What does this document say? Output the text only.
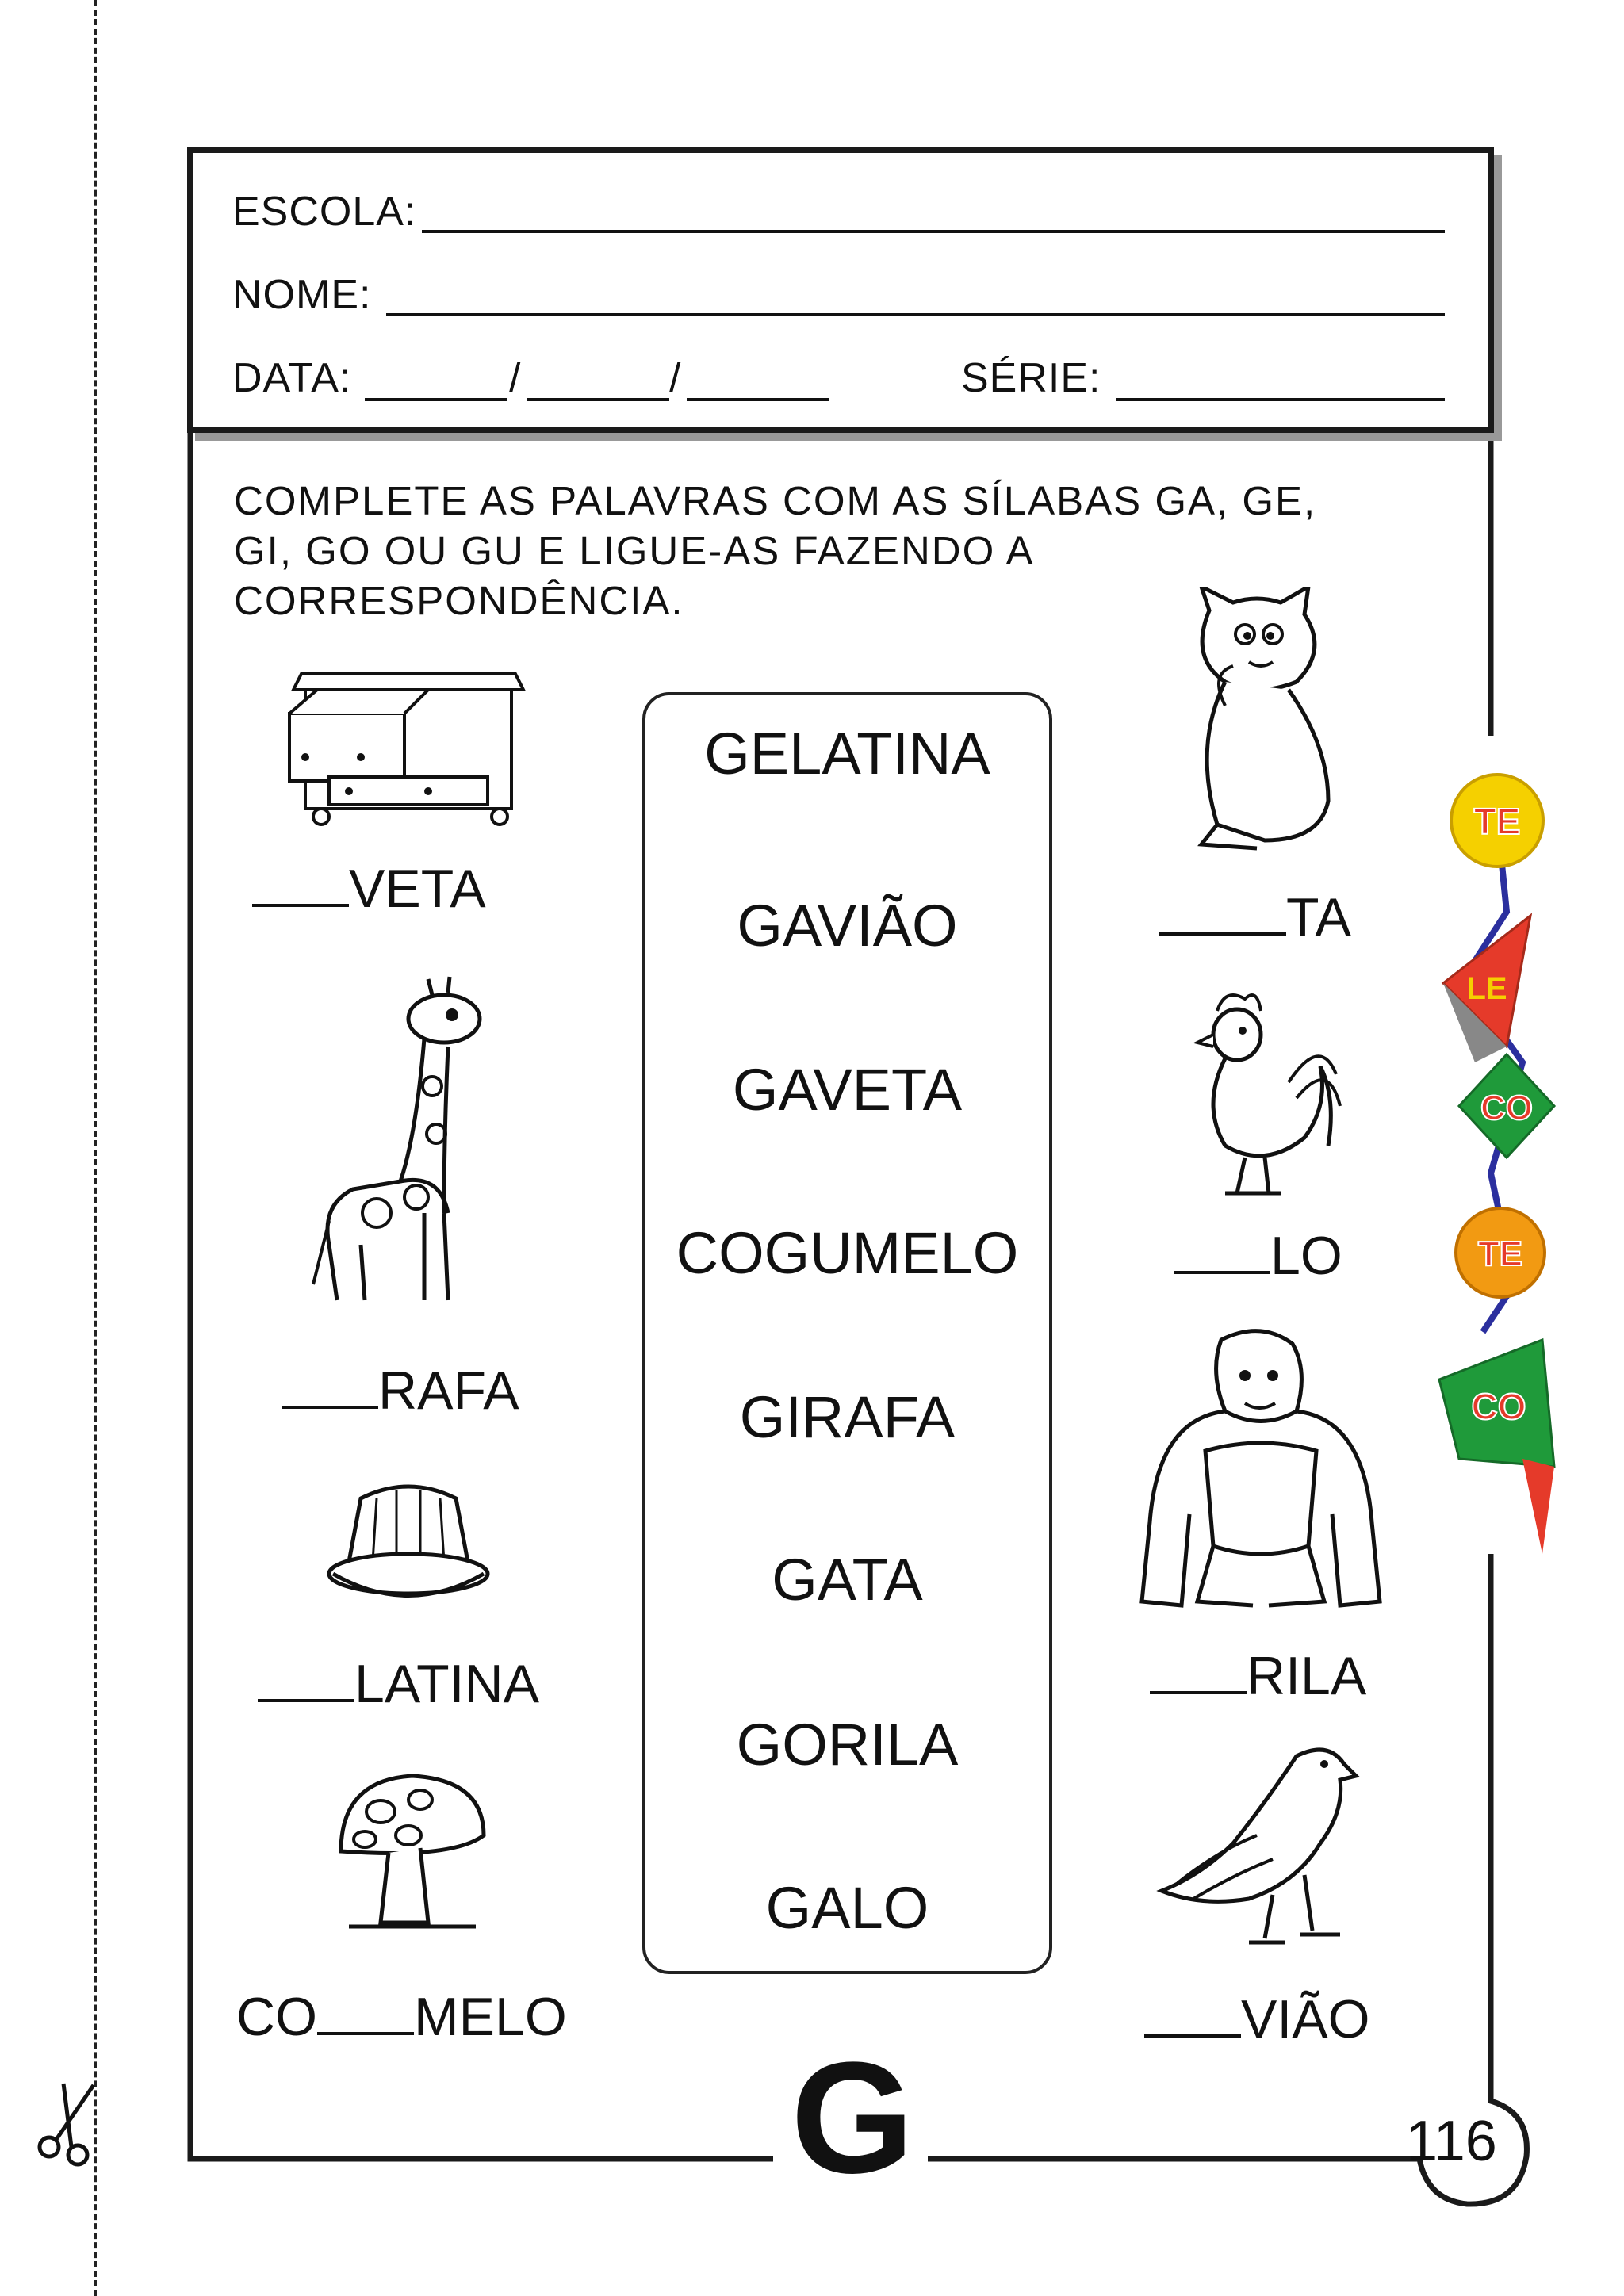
ESCOLA:
NOME:
DATA:	/	/	SÉRIE:
COMPLETE AS PALAVRAS COM AS SÍLABAS GA, GE, GI, GO OU GU E LIGUE-AS FAZENDO A CORRESPONDÊNCIA.
GELATINA
GAVIÃO
GAVETA
COGUMELO
GIRAFA
GATA
GORILA
GALO
VETA
RAFA
LATINA
CO MELO
TA
LO
RILA
VIÃO
TE
LE
CO
TE
CO
G	116
